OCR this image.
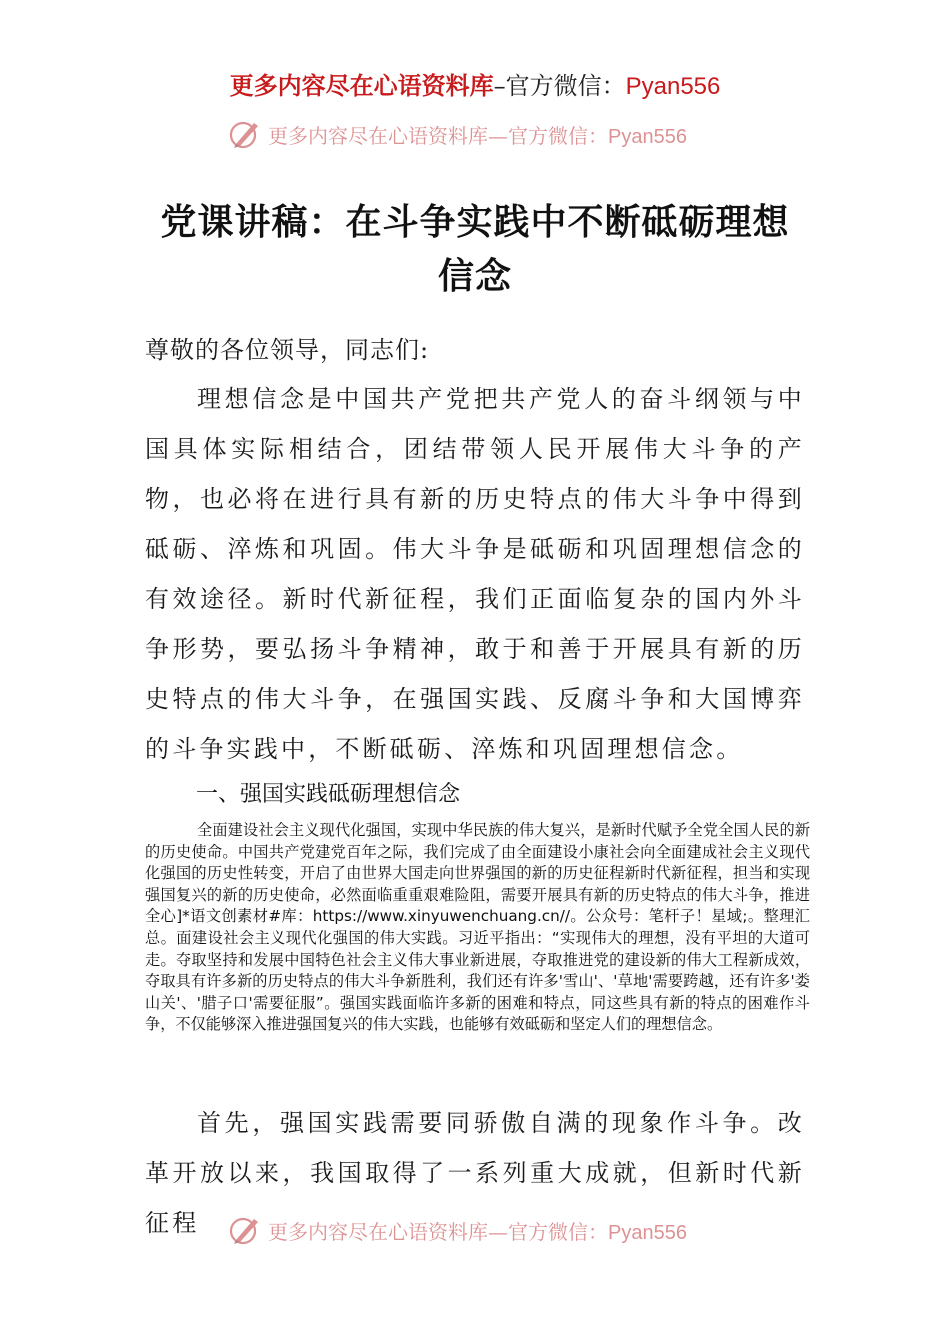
更多内容尽在心语资料库–官方微信：Pyan556
更多内容尽在心语资料库—官方微信：Pyan556
党课讲稿：在斗争实践中不断砥砺理想信念
尊敬的各位领导，同志们:
理想信念是中国共产党把共产党人的奋斗纲领与中国具体实际相结合，团结带领人民开展伟大斗争的产物，也必将在进行具有新的历史特点的伟大斗争中得到砥砺、淬炼和巩固。伟大斗争是砥砺和巩固理想信念的有效途径。新时代新征程，我们正面临复杂的国内外斗争形势，要弘扬斗争精神，敢于和善于开展具有新的历史特点的伟大斗争，在强国实践、反腐斗争和大国博弈的斗争实践中，不断砥砺、淬炼和巩固理想信念。
一、强国实践砥砺理想信念
全面建设社会主义现代化强国，实现中华民族的伟大复兴，是新时代赋予全党全国人民的新的历史使命。中国共产党建党百年之际，我们完成了由全面建设小康社会向全面建成社会主义现代化强国的历史性转变，开启了由世界大国走向世界强国的新的历史征程新时代新征程，担当和实现强国复兴的新的历史使命，必然面临重重艰难险阻，需要开展具有新的历史特点的伟大斗争，推进全心]*语文创素材#库：https://www.xinyuwenchuang.cn//。公众号：笔杆子！星域;。整理汇总。面建设社会主义现代化强国的伟大实践。习近平指出：“实现伟大的理想，没有平坦的大道可走。夺取坚持和发展中国特色社会主义伟大事业新进展，夺取推进党的建设新的伟大工程新成效，夺取具有许多新的历史特点的伟大斗争新胜利，我们还有许多'雪山'、'草地'需要跨越，还有许多'娄山关'、'腊子口'需要征服”。强国实践面临许多新的困难和特点，同这些具有新的特点的困难作斗争，不仅能够深入推进强国复兴的伟大实践，也能够有效砥砺和坚定人们的理想信念。
首先，强国实践需要同骄傲自满的现象作斗争。改革开放以来，我国取得了一系列重大成就，但新时代新征程	更多内容尽在心语资料库—官方微信：Pyan556
